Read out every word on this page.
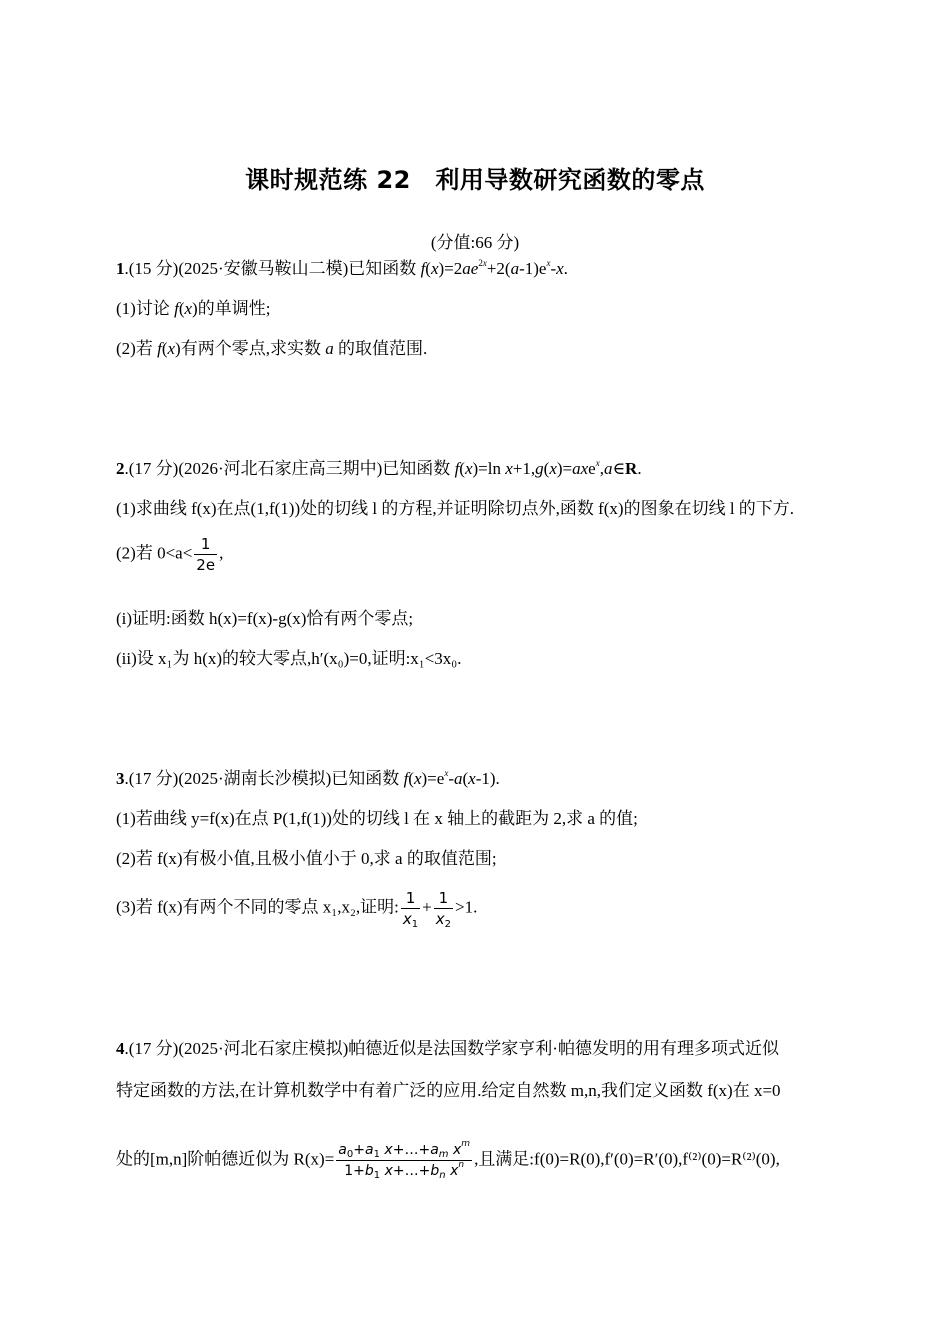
课时规范练 22　利用导数研究函数的零点
(分值:66 分)
1.(15 分)(2025·安徽马鞍山二模)已知函数 $f(x)=2ae^{2x}+2(a-1)e^x-x$.
(1)讨论 f(x)的单调性;
(2)若 f(x)有两个零点,求实数 a 的取值范围.
2.(17 分)(2026·河北石家庄高三期中)已知函数 f(x)=ln x+1,g(x)=axe$^x$,a∈R.
(1)求曲线 f(x)在点(1,f(1))处的切线 l 的方程,并证明除切点外,函数 f(x)的图象在切线 l 的下方.
(2)若 $0<a< \frac{1}{2e}$ ,
(i)证明:函数 h(x)=f(x)-g(x)恰有两个零点;
(ii)设 x₁为 h(x)的较大零点,h′(x₀)=0,证明:x₁<3x₀.
3.(17 分)(2025·湖南长沙模拟)已知函数 $f(x)=e^x-a(x-1)$.
(1)若曲线 y=f(x)在点 P(1,f(1))处的切线 l 在 x 轴上的截距为 2,求 a 的值;
(2)若 f(x)有极小值,且极小值小于 0,求 a 的取值范围;
(3)若 f(x)有两个不同的零点 x₁,x₂,证明: $\frac{1}{x_1} + \frac{1}{x_2} >1$.
4.(17 分)(2025·河北石家庄模拟)帕德近似是法国数学家亨利·帕德发明的用有理多项式近似
特定函数的方法,在计算机数学中有着广泛的应用.给定自然数 m,n,我们定义函数 f(x)在 x=0
处的[m,n]阶帕德近似为 $R(x)= \frac{a_0+a_1 x+\dots+a_m x^m}{1+b_1 x+\dots+b_n x^n}$ ,且满足:f(0)=R(0),f′(0)=R′(0),f⁽²⁾(0)=R⁽²⁾(0),
